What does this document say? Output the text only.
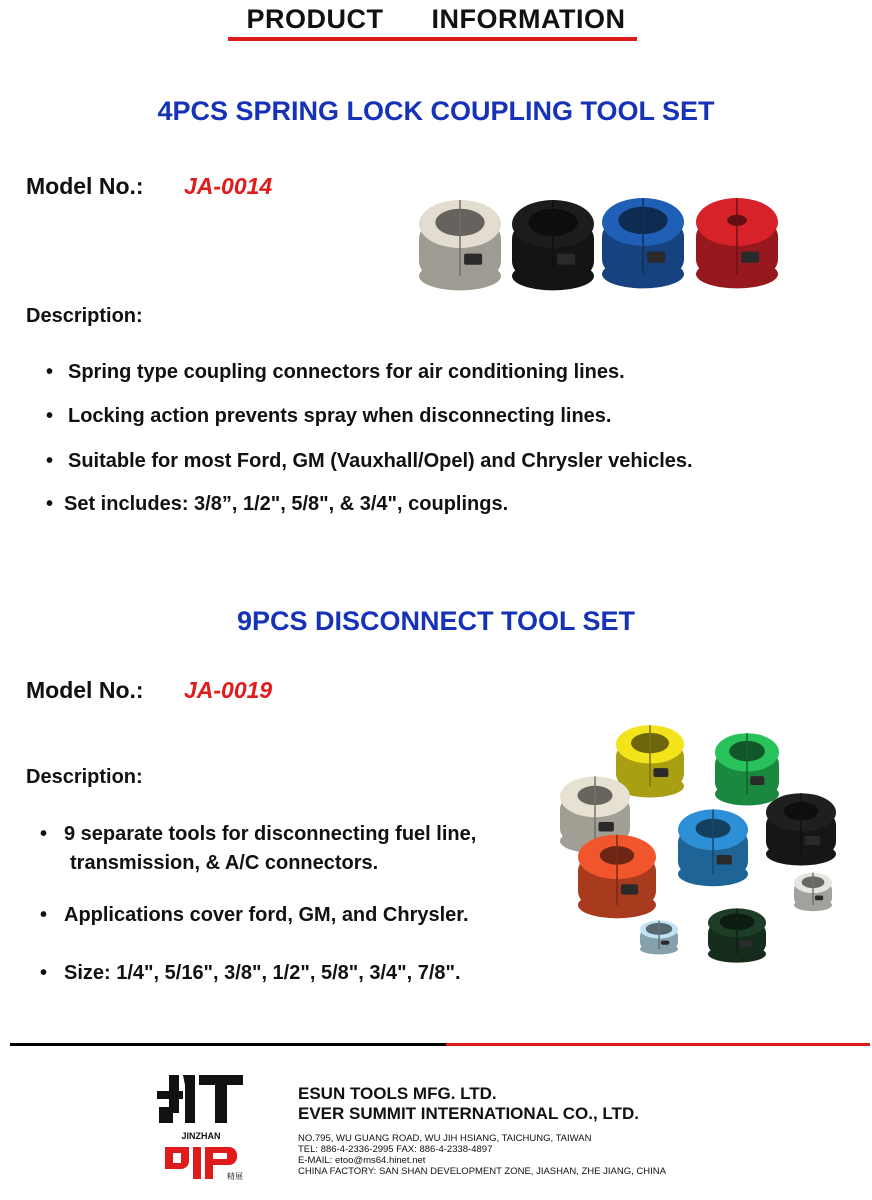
PRODUCT      INFORMATION
4PCS SPRING LOCK COUPLING TOOL SET
Model No.: JA-0014
Description:
• Spring type coupling connectors for air conditioning lines.
• Locking action prevents spray when disconnecting lines.
• Suitable for most Ford, GM (Vauxhall/Opel) and Chrysler vehicles.
• Set includes: 3/8”, 1/2", 5/8", & 3/4", couplings.
9PCS DISCONNECT TOOL SET
Model No.: JA-0019
Description:
• 9 separate tools for disconnecting fuel line,
transmission, & A/C connectors.
• Applications cover ford, GM, and Chrysler.
• Size: 1/4", 5/16", 3/8", 1/2", 5/8", 3/4", 7/8".
JINZHAN
精展
ESUN TOOLS MFG. LTD.
EVER SUMMIT INTERNATIONAL CO., LTD.
NO.795, WU GUANG ROAD, WU JIH HSIANG, TAICHUNG, TAIWAN
TEL: 886-4-2336-2995 FAX: 886-4-2338-4897
E-MAIL: etoo@ms64.hinet.net
CHINA FACTORY: SAN SHAN DEVELOPMENT ZONE, JIASHAN, ZHE JIANG, CHINA
